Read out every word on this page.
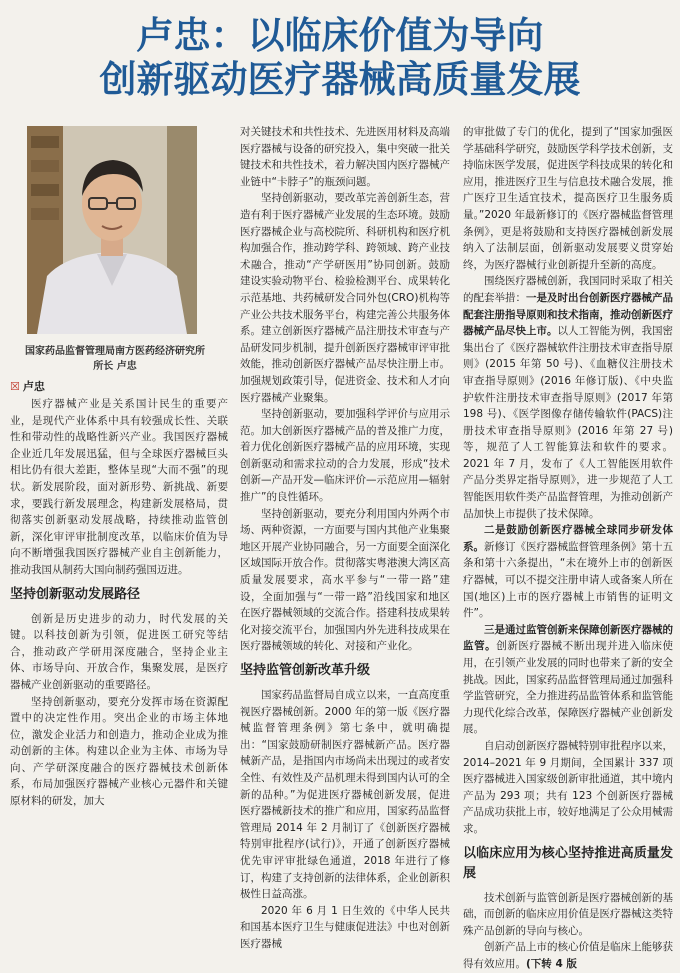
卢忠：以临床价值为导向
创新驱动医疗器械高质量发展
国家药品监督管理局南方医药经济研究所
所长 卢忠
☒ 卢忠

医疗器械产业是关系国计民生的重要产业，是现代产业体系中具有较强成长性、关联性和带动性的战略性新兴产业。我国医疗器械企业近几年发展迅猛，但与全球医疗器械巨头相比仍有很大差距，整体呈现“大而不强”的现状。新发展阶段，面对新形势、新挑战、新要求，要践行新发展理念，构建新发展格局，贯彻落实创新驱动发展战略，持续推动监管创新，深化审评审批制度改革，以临床价值为导向不断增强我国医疗器械产业自主创新能力，推动我国从制药大国向制药强国迈进。

坚持创新驱动发展路径

创新是历史进步的动力，时代发展的关键。以科技创新为引领，促进医工研究等结合，推动政产学研用深度融合，坚持企业主体、市场导向、开放合作，集聚发展，是医疗器械产业创新驱动的重要路径。

坚持创新驱动，要充分发挥市场在资源配置中的决定性作用。突出企业的市场主体地位，激发企业活力和创造力，推动企业成为推动创新的主体。构建以企业为主体、市场为导向、产学研深度融合的医疗器械技术创新体系，布局加强医疗器械产业核心元器件和关键原材料的研发，加大

对关键技术和共性技术、先进医用材料及高端医疗器械与设备的研究投入，集中突破一批关键技术和共性技术，着力解决国内医疗器械产业链中“卡脖子”的瓶颈问题。

坚持创新驱动，要改革完善创新生态，营造有利于医疗器械产业发展的生态环境。鼓励医疗器械企业与高校院所、科研机构和医疗机构加强合作，推动跨学科、跨领域、跨产业技术融合，推动“产学研医用”协同创新。鼓励建设实验动物平台、检验检测平台、成果转化示范基地、共药械研发合同外包(CRO)机构等产业公共技术服务平台，构建完善公共服务体系。建立创新医疗器械产品注册技术审查与产品研发同步机制，提升创新医疗器械审评审批效能，推动创新医疗器械产品尽快注册上市。加强规划政策引导，促进资金、技术和人才向医疗器械产业聚集。

坚持创新驱动，要加强科学评价与应用示范。加大创新医疗器械产品的普及推广力度，着力优化创新医疗器械产品的应用环境，实现创新驱动和需求拉动的合力发展，形成“技术创新—产品开发—临床评价—示范应用—辐射推广”的良性循环。

坚持创新驱动，要充分利用国内外两个市场、两种资源，一方面要与国内其他产业集聚地区开展产业协同融合，另一方面要全面深化区域国际开放合作。贯彻落实粤港澳大湾区高质量发展要求，高水平参与“一带一路”建设，全面加强与“一带一路”沿线国家和地区在医疗器械领域的交流合作。搭建科技成果转化对接交流平台，加强国内外先进科技成果在医疗器械领域的转化、对接和产业化。

坚持监管创新改革升级

国家药品监督局自成立以来，一直高度重视医疗器械创新。2000 年的第一版《医疗器械监督管理条例》第七条中，就明确提出：“国家鼓励研制医疗器械新产品。医疗器械新产品，是指国内市场尚未出现过的或者安全性、有效性及产品机理未得到国内认可的全新的品种。”为促进医疗器械创新发展，促进医疗器械新技术的推广和应用，国家药品监督管理局 2014 年 2 月制订了《创新医疗器械特别审批程序(试行)》，开通了创新医疗器械优先审评审批绿色通道，2018 年进行了修订，构建了支持创新的法律体系，企业创新积极性日益高涨。

2020 年 6 月 1 日生效的《中华人民共和国基本医疗卫生与健康促进法》中也对创新医疗器械

的审批做了专门的优化，提到了“国家加强医学基础科学研究，鼓励医学科学技术创新，支持临床医学发展，促进医学科技成果的转化和应用，推进医疗卫生与信息技术融合发展，推广医疗卫生适宜技术，提高医疗卫生服务质量。”2020 年最新修订的《医疗器械监督管理条例》，更是将鼓励和支持医疗器械创新发展纳入了法制层面，创新驱动发展要义贯穿始终，为医疗器械行业创新提升至新的高度。

围绕医疗器械创新，我国同时采取了相关的配套举措：一是及时出台创新医疗器械产品配套注册指导原则和技术指南，推动创新医疗器械产品尽快上市。以人工智能为例，我国密集出台了《医疗器械软件注册技术审查指导原则》(2015 年第 50 号)、《血糖仪注册技术审查指导原则》(2016 年修订版)、《中央监护软件注册技术审查指导原则》(2017 年第 198 号)、《医学图像存储传输软件(PACS)注册技术审查指导原则》(2016 年第 27 号)等，规范了人工智能算法和软件的要求。2021 年 7 月，发布了《人工智能医用软件产品分类界定指导原则》，进一步规范了人工智能医用软件类产品监督管理，为推动创新产品加快上市提供了技术保障。

二是鼓励创新医疗器械全球同步研发体系。新修订《医疗器械监督管理条例》第十五条和第十六条提出，“未在境外上市的创新医疗器械，可以不提交注册申请人或备案人所在国(地区)上市的医疗器械上市销售的证明文件”。

三是通过监管创新来保障创新医疗器械的监管。创新医疗器械不断出现并进入临床使用，在引领产业发展的同时也带来了新的安全挑战。因此，国家药品监督管理局通过加强科学监管研究，全力推进药品监管体系和监管能力现代化综合改革，保障医疗器械产业创新发展。

自启动创新医疗器械特别审批程序以来，2014–2021 年 9 月期间，全国累计 337 项医疗器械进入国家级创新审批通道，其中境内产品为 293 项；共有 123 个创新医疗器械产品成功获批上市，较好地满足了公众用械需求。

以临床应用为核心坚持推进高质量发展

技术创新与监管创新是医疗器械创新的基础，而创新的临床应用价值是医疗器械这类特殊产品创新的导向与核心。

创新产品上市的核心价值是临床上能够获得有效应用。(下转 4 版
